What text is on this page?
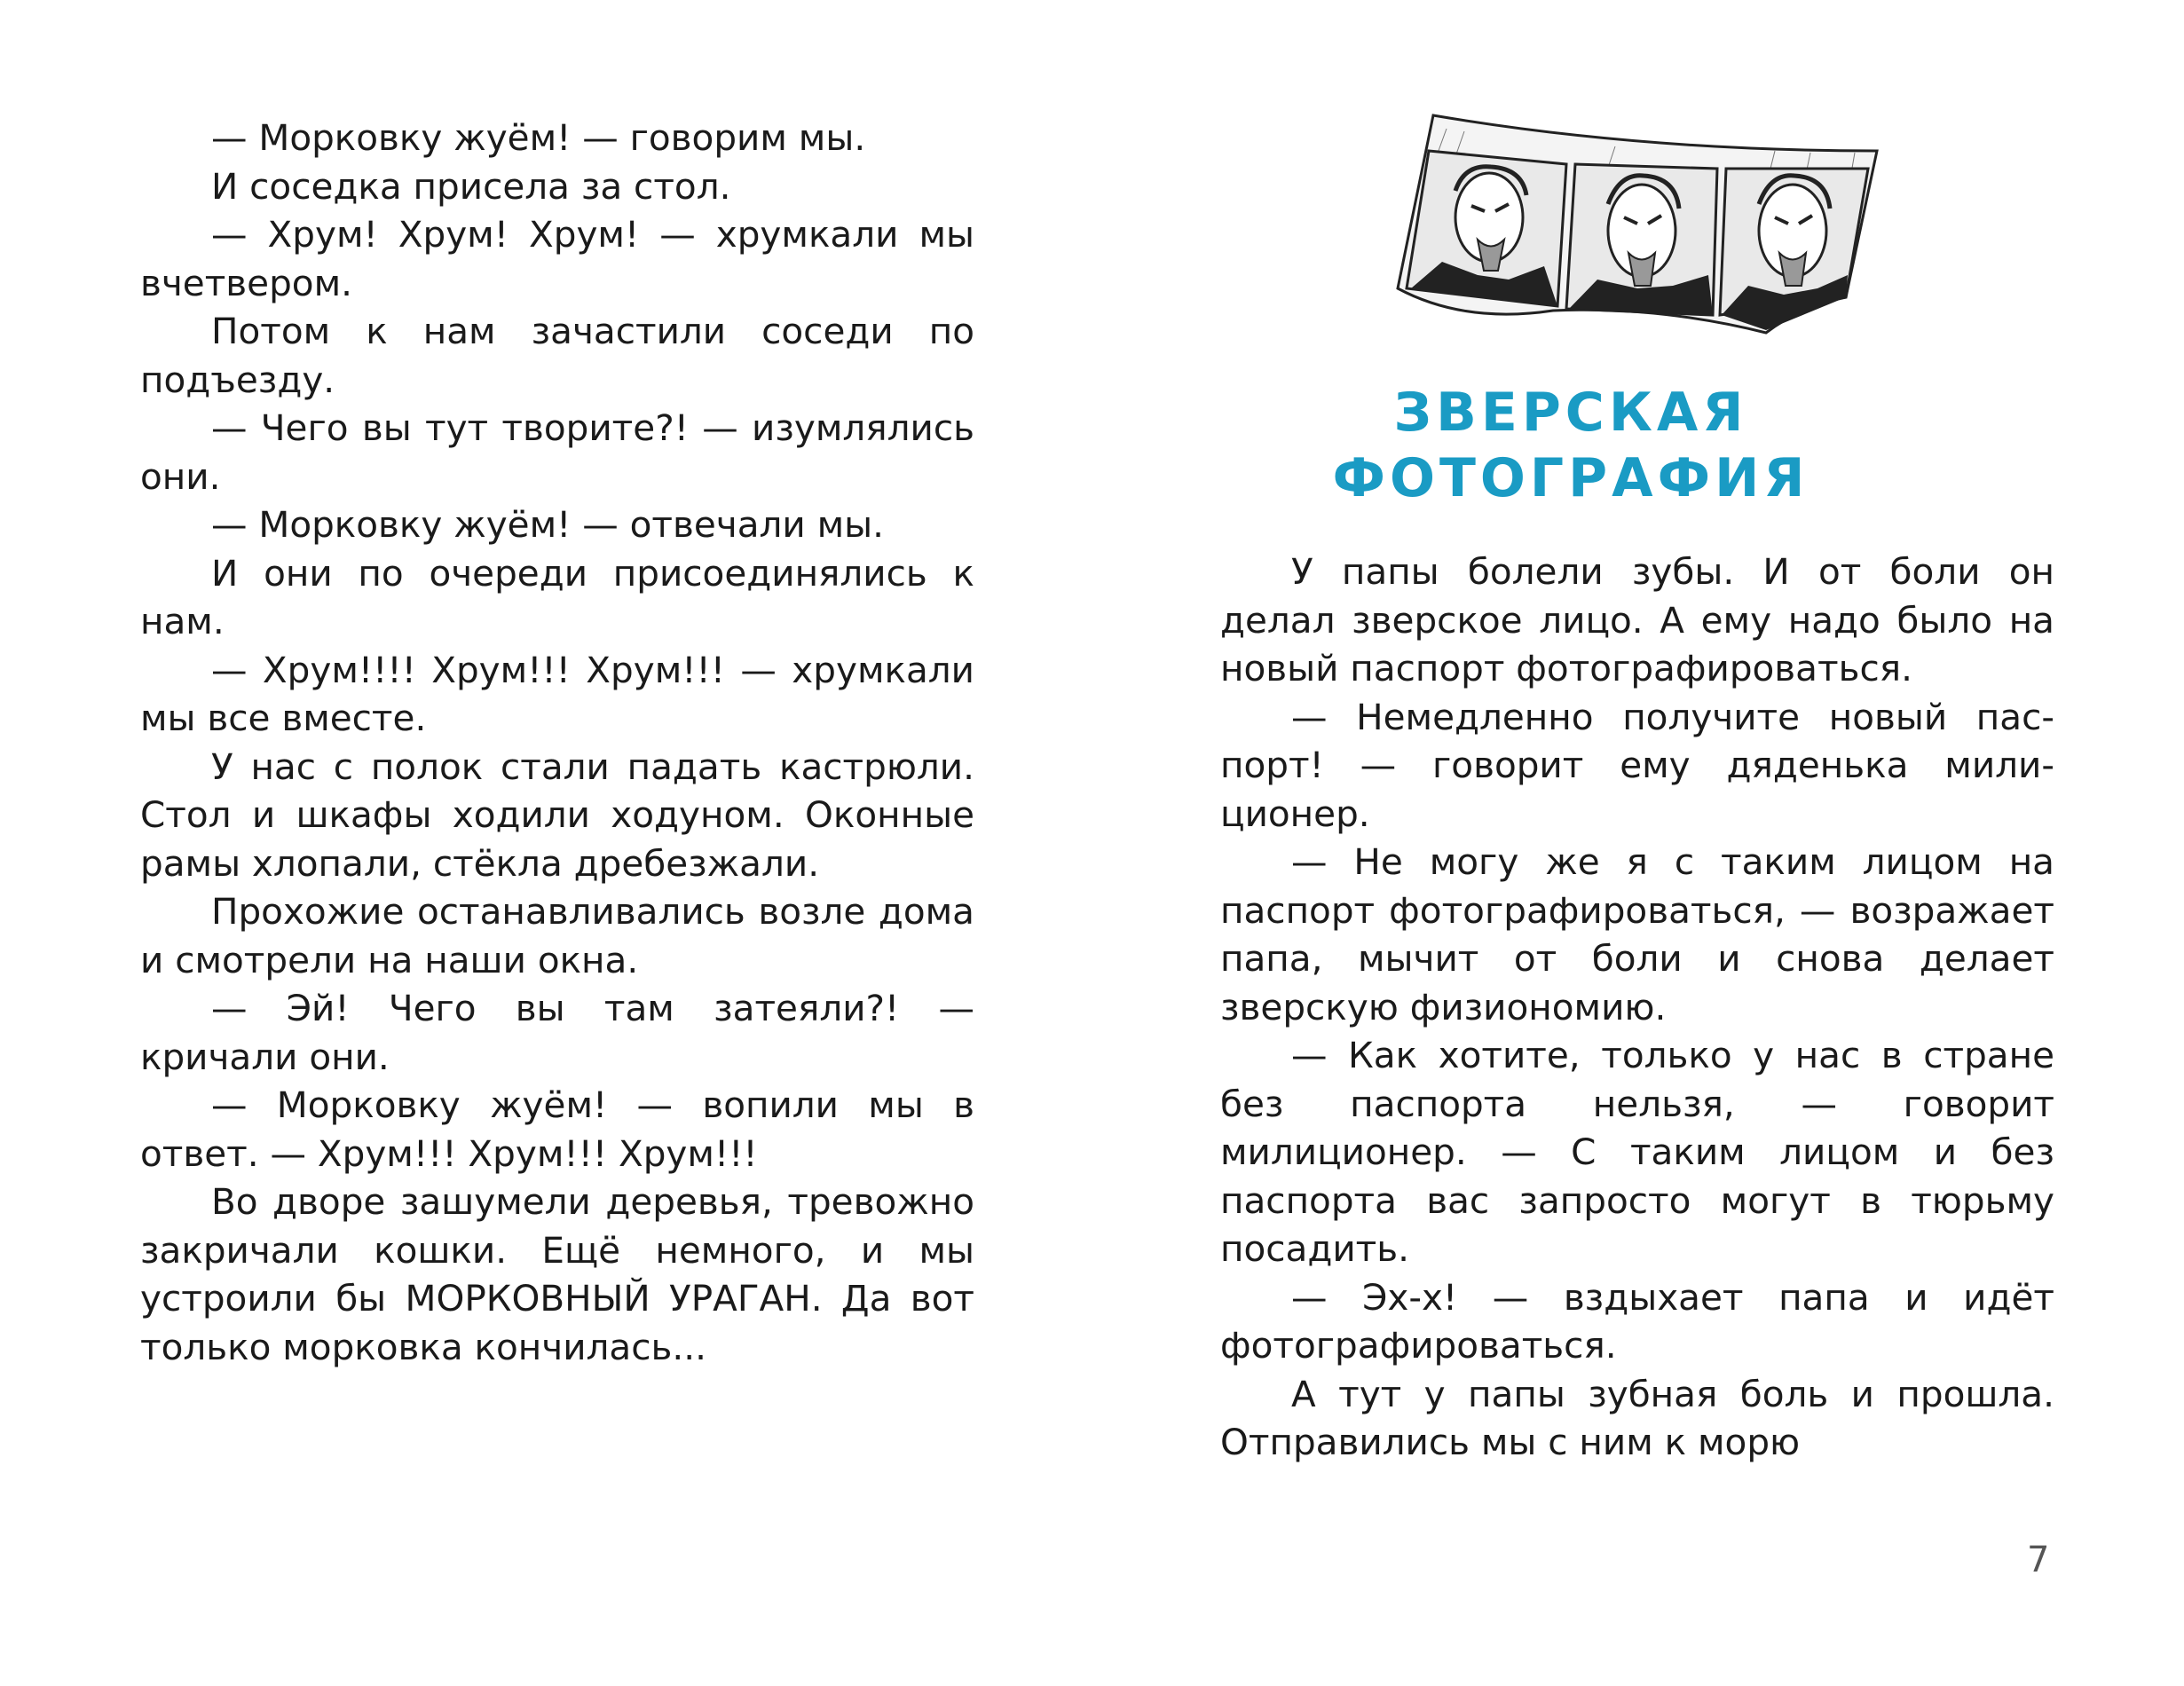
— Морковку жуём! — говорим мы.

И соседка присела за стол.

— Хрум! Хрум! Хрум! — хрумкали мы вчетвером.

Потом к нам зачастили соседи по подъезду.

— Чего вы тут творите?! — изумлялись они.

— Морковку жуём! — отвечали мы.

И они по очереди присоединялись к нам.

— Хрум!!!! Хрум!!! Хрум!!! — хрумкали мы все вместе.

У нас с полок стали падать кастрюли. Стол и шкафы ходили ходуном. Оконные рамы хлопали, стёкла дребезжали.

Прохожие останавливались возле дома и смотрели на наши окна.

— Эй! Чего вы там затеяли?! — кричали они.

— Морковку жуём! — вопили мы в ответ. — Хрум!!! Хрум!!! Хрум!!!

Во дворе зашумели деревья, тревожно закричали кошки. Ещё немного, и мы устроили бы МОРКОВНЫЙ УРАГАН. Да вот только морковка кончилась...

ЗВЕРСКАЯ
ФОТОГРАФИЯ

У папы болели зубы. И от боли он делал зверское лицо. А ему надо было на новый паспорт фотографироваться.

— Немедленно получите новый паспорт! — говорит ему дяденька милиционер.

— Не могу же я с таким лицом на паспорт фотографироваться, — возражает папа, мычит от боли и снова делает зверскую физиономию.

— Как хотите, только у нас в стране без паспорта нельзя, — говорит милиционер. — С таким лицом и без паспорта вас запросто могут в тюрьму посадить.

— Эх-х! — вздыхает папа и идёт фотографироваться.

А тут у папы зубная боль и прошла. Отправились мы с ним к морю

7
